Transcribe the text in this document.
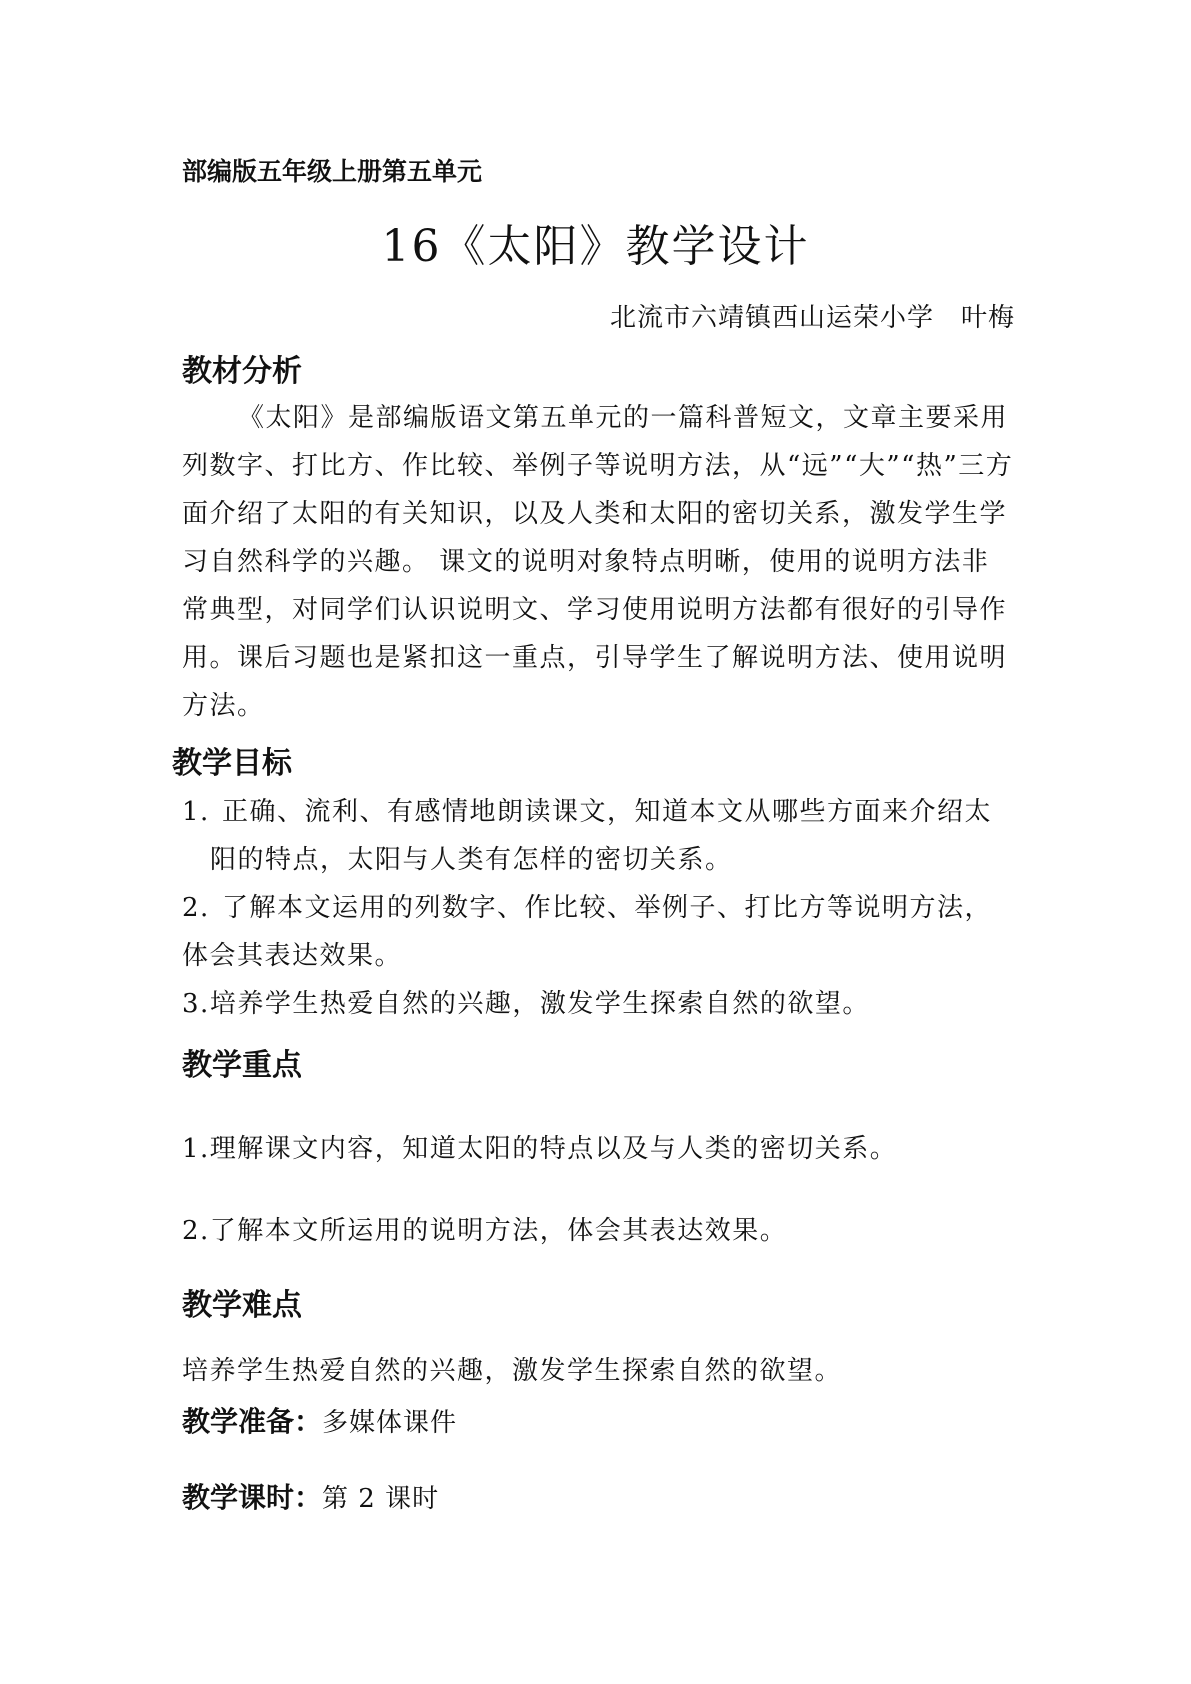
部编版五年级上册第五单元
16《太阳》教学设计
北流市六靖镇西山运荣小学　叶梅
教材分析

《太阳》是部编版语文第五单元的一篇科普短文，文章主要采用列数字、打比方、作比较、举例子等说明方法，从“远”“大”“热”三方面介绍了太阳的有关知识，以及人类和太阳的密切关系，激发学生学习自然科学的兴趣。 课文的说明对象特点明晰，使用的说明方法非常典型，对同学们认识说明文、学习使用说明方法都有很好的引导作用。课后习题也是紧扣这一重点，引导学生了解说明方法、使用说明方法。

教学目标
1. 正确、流利、有感情地朗读课文，知道本文从哪些方面来介绍太
阳的特点，太阳与人类有怎样的密切关系。
2. 了解本文运用的列数字、作比较、举例子、打比方等说明方法，
体会其表达效果。
3.培养学生热爱自然的兴趣，激发学生探索自然的欲望。
教学重点
1.理解课文内容，知道太阳的特点以及与人类的密切关系。
2.了解本文所运用的说明方法，体会其表达效果。
教学难点
培养学生热爱自然的兴趣，激发学生探索自然的欲望。
教学准备：多媒体课件
教学课时：第 2 课时
